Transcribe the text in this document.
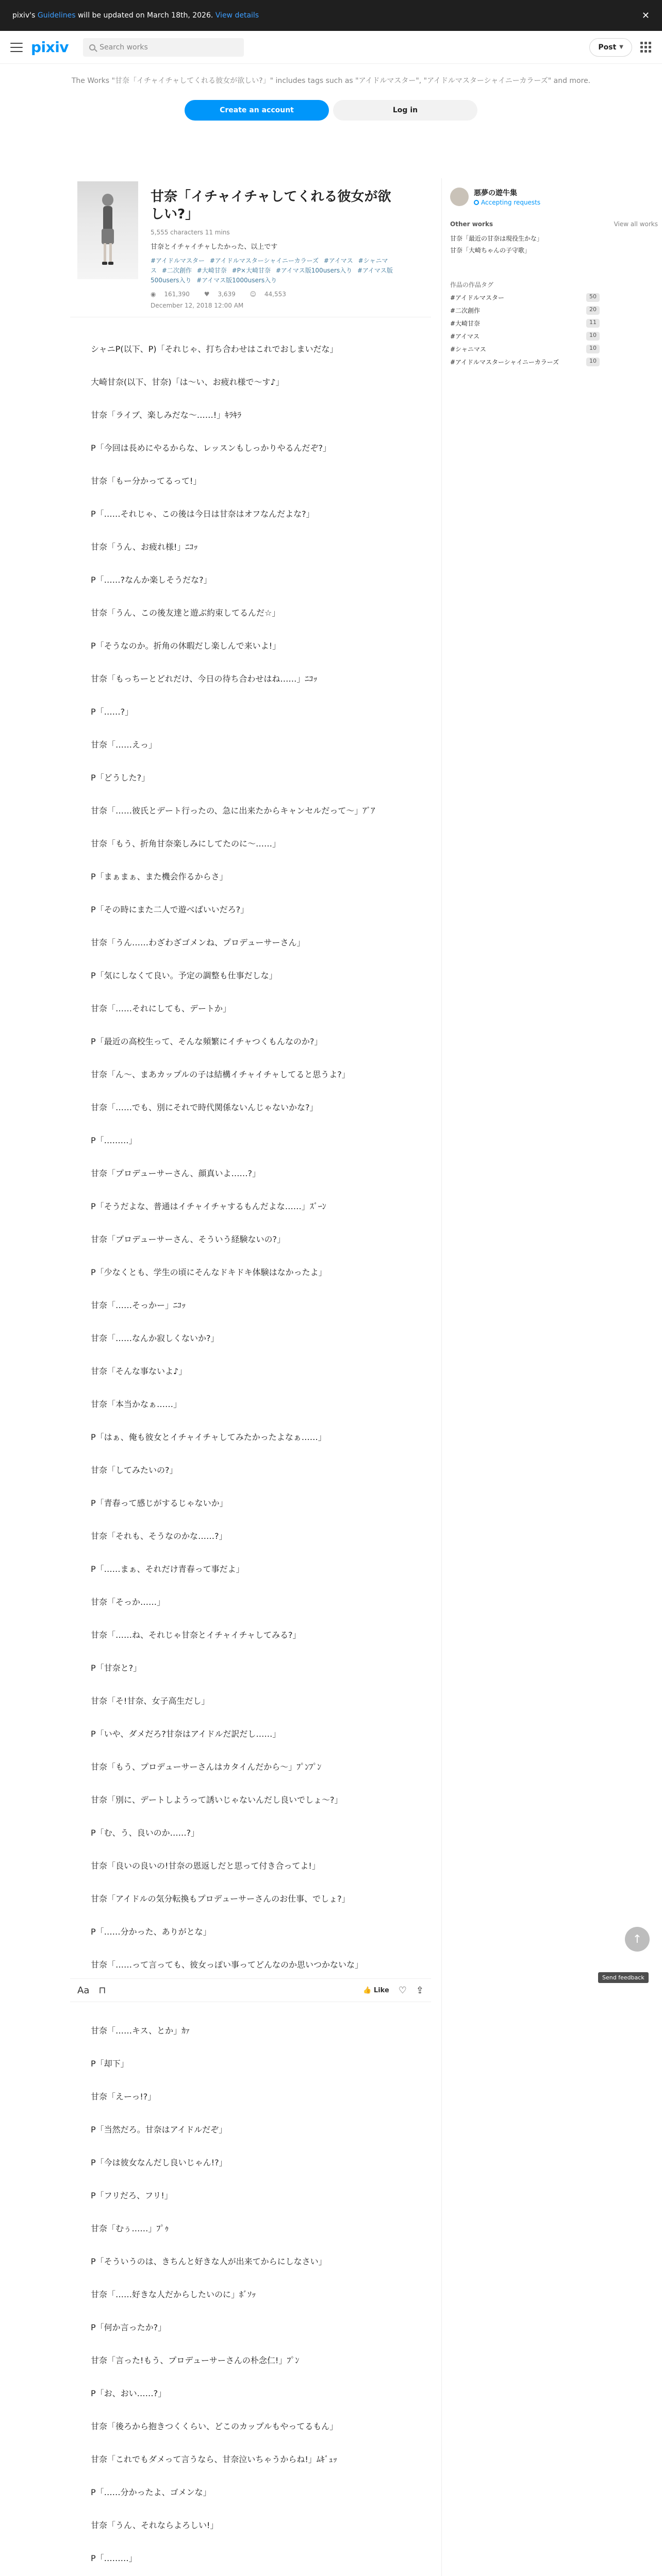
pixiv's Guidelines will be updated on March 18th, 2026. View details	✕
pixiv	Search works	Post ▼
The Works "甘奈「イチャイチャしてくれる彼女が欲しい?」" includes tags such as "アイドルマスター", "アイドルマスターシャイニーカラーズ" and more.
Create an account	Log in
甘奈「イチャイチャしてくれる彼女が欲しい?」
5,555 characters 11 mins
甘奈とイチャイチャしたかった、以上です
#アイドルマスター #アイドルマスターシャイニーカラーズ #アイマス #シャニマス #二次創作 #大崎甘奈 #P×大崎甘奈 #アイマス版100users入り #アイマス版500users入り #アイマス版1000users入り
◉ 161,390 ♥ 3,639 ☺ 44,553
December 12, 2018 12:00 AM

シャニP(以下、P)「それじゃ、打ち合わせはこれでおしまいだな」

大崎甘奈(以下、甘奈)「は～い、お疲れ様で～す♪」

甘奈「ライブ、楽しみだな～……!」ｷﾗｷﾗ

P「今回は長めにやるからな、レッスンもしっかりやるんだぞ?」

甘奈「もー分かってるって!」

P「……それじゃ、この後は今日は甘奈はオフなんだよな?」

甘奈「うん、お疲れ様!」ﾆｺｯ

P「……?なんか楽しそうだな?」

甘奈「うん、この後友達と遊ぶ約束してるんだ☆」

P「そうなのか。折角の休暇だし楽しんで来いよ!」

甘奈「もっちーとどれだけ、今日の待ち合わせはね……」ﾆｺｯ

P「……?」

甘奈「……えっ」

P「どうした?」

甘奈「……彼氏とデート行ったの、急に出来たからキャンセルだって～」ｱﾞｱ

甘奈「もう、折角甘奈楽しみにしてたのに～……」

P「まぁまぁ、また機会作るからさ」

P「その時にまた二人で遊べばいいだろ?」

甘奈「うん……わざわざゴメンね、プロデューサーさん」

P「気にしなくて良い。予定の調整も仕事だしな」

甘奈「……それにしても、デートか」

P「最近の高校生って、そんな頻繁にイチャつくもんなのか?」

甘奈「ん～、まあカップルの子は結構イチャイチャしてると思うよ?」

甘奈「……でも、別にそれで時代関係ないんじゃないかな?」

P「………」

甘奈「プロデューサーさん、顔真いよ……?」

P「そうだよな、普通はイチャイチャするもんだよな……」ｽﾞｰﾝ

甘奈「プロデューサーさん、そういう経験ないの?」

P「少なくとも、学生の頃にそんなドキドキ体験はなかったよ」

甘奈「……そっかー」ﾆｺｯ

甘奈「……なんか寂しくないか?」

甘奈「そんな事ないよ♪」

甘奈「本当かなぁ……」

P「はぁ、俺も彼女とイチャイチャしてみたかったよなぁ……」

甘奈「してみたいの?」

P「青春って感じがするじゃないか」

甘奈「それも、そうなのかな……?」

P「……まぁ、それだけ青春って事だよ」

甘奈「そっか……」

甘奈「……ね、それじゃ甘奈とイチャイチャしてみる?」

P「甘奈と?」

甘奈「そ!甘奈、女子高生だし」

P「いや、ダメだろ?甘奈はアイドルだ訳だし……」

甘奈「もう、プロデューサーさんはカタイんだから～」ﾌﾟﾝﾌﾟﾝ

甘奈「別に、デートしようって誘いじゃないんだし良いでしょ～?」

P「む、う、良いのか……?」

甘奈「良いの良いの!甘奈の恩返しだと思って付き合ってよ!」

甘奈「アイドルの気分転換もプロデューサーさんのお仕事、でしょ?」

P「……分かった、ありがとな」

甘奈「……って言っても、彼女っぽい事ってどんなのか思いつかないな」

甘奈「……キス、とか」ｶｧ

P「却下」

甘奈「えーっ!?」

P「当然だろ。甘奈はアイドルだぞ」

P「今は彼女なんだし良いじゃん!?」

P「フリだろ、フリ!」

甘奈「むぅ……」ﾌﾟｩ

P「そういうのは、きちんと好きな人が出来てからにしなさい」

甘奈「……好きな人だからしたいのに」ﾎﾞｿｯ

P「何か言ったか?」

甘奈「言った!もう、プロデューサーさんの朴念仁!」ﾌﾟﾝ

P「お、おい……?」

甘奈「後ろから抱きつくくらい、どこのカップルもやってるもん」

甘奈「これでもダメって言うなら、甘奈泣いちゃうからね!」ﾑｷﾞｭｯ

P「……分かったよ、ゴメンな」

甘奈「うん、それならよろしい!」

P「………」

悪夢の遊牛集
Accepting requests
Other works	View all works
甘奈「最近の甘奈は現役生かな」
甘奈「大崎ちゃんの子守歌」
作品の作品タグ
#アイドルマスター	50
#二次創作	20
#大崎甘奈	11
#アイマス	10
#シャニマス	10
#アイドルマスターシャイニーカラーズ	10
Aa ⊓	👍 Like ♡ ⇪
↑
Send feedback
